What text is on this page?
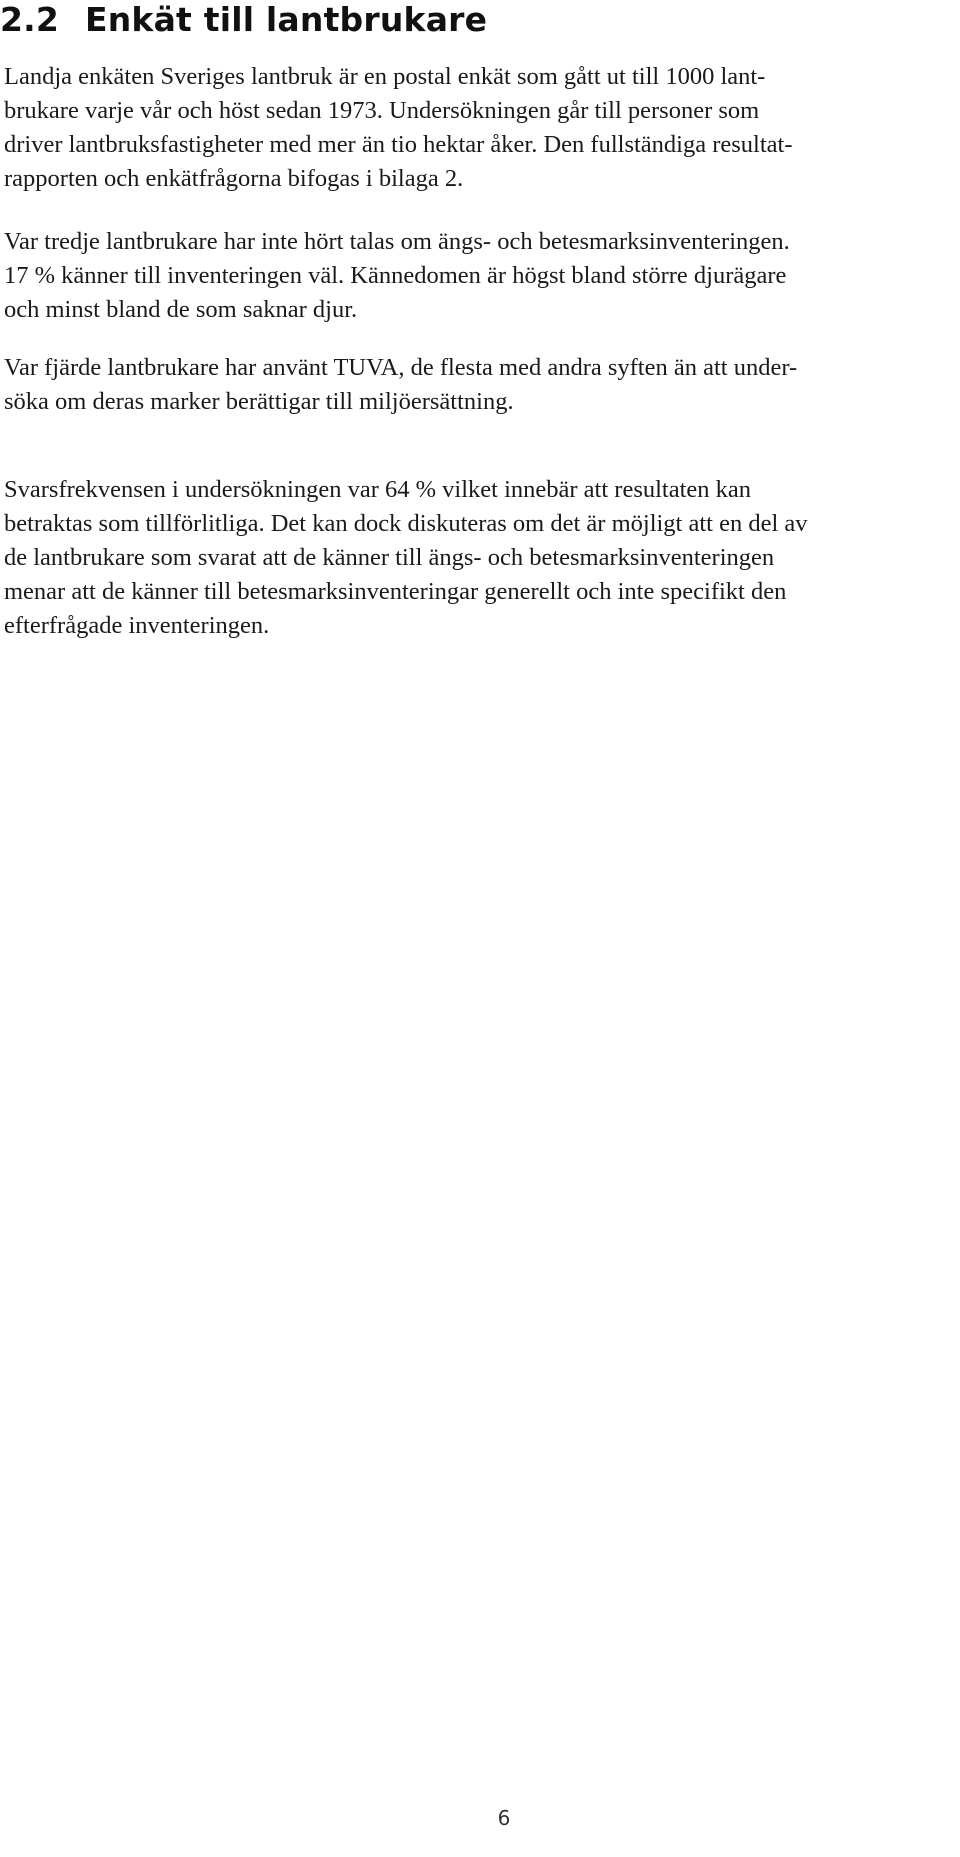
2.2 Enkät till lantbrukare

Landja enkäten Sveriges lantbruk är en postal enkät som gått ut till 1000 lant-
brukare varje vår och höst sedan 1973. Undersökningen går till personer som
driver lantbruksfastigheter med mer än tio hektar åker. Den fullständiga resultat-
rapporten och enkätfrågorna bifogas i bilaga 2.

Var tredje lantbrukare har inte hört talas om ängs- och betesmarksinventeringen.
17 % känner till inventeringen väl. Kännedomen är högst bland större djurägare
och minst bland de som saknar djur.

Var fjärde lantbrukare har använt TUVA, de flesta med andra syften än att under-
söka om deras marker berättigar till miljöersättning.

Svarsfrekvensen i undersökningen var 64 % vilket innebär att resultaten kan
betraktas som tillförlitliga. Det kan dock diskuteras om det är möjligt att en del av
de lantbrukare som svarat att de känner till ängs- och betesmarksinventeringen
menar att de känner till betesmarksinventeringar generellt och inte specifikt den
efterfrågade inventeringen.

6
